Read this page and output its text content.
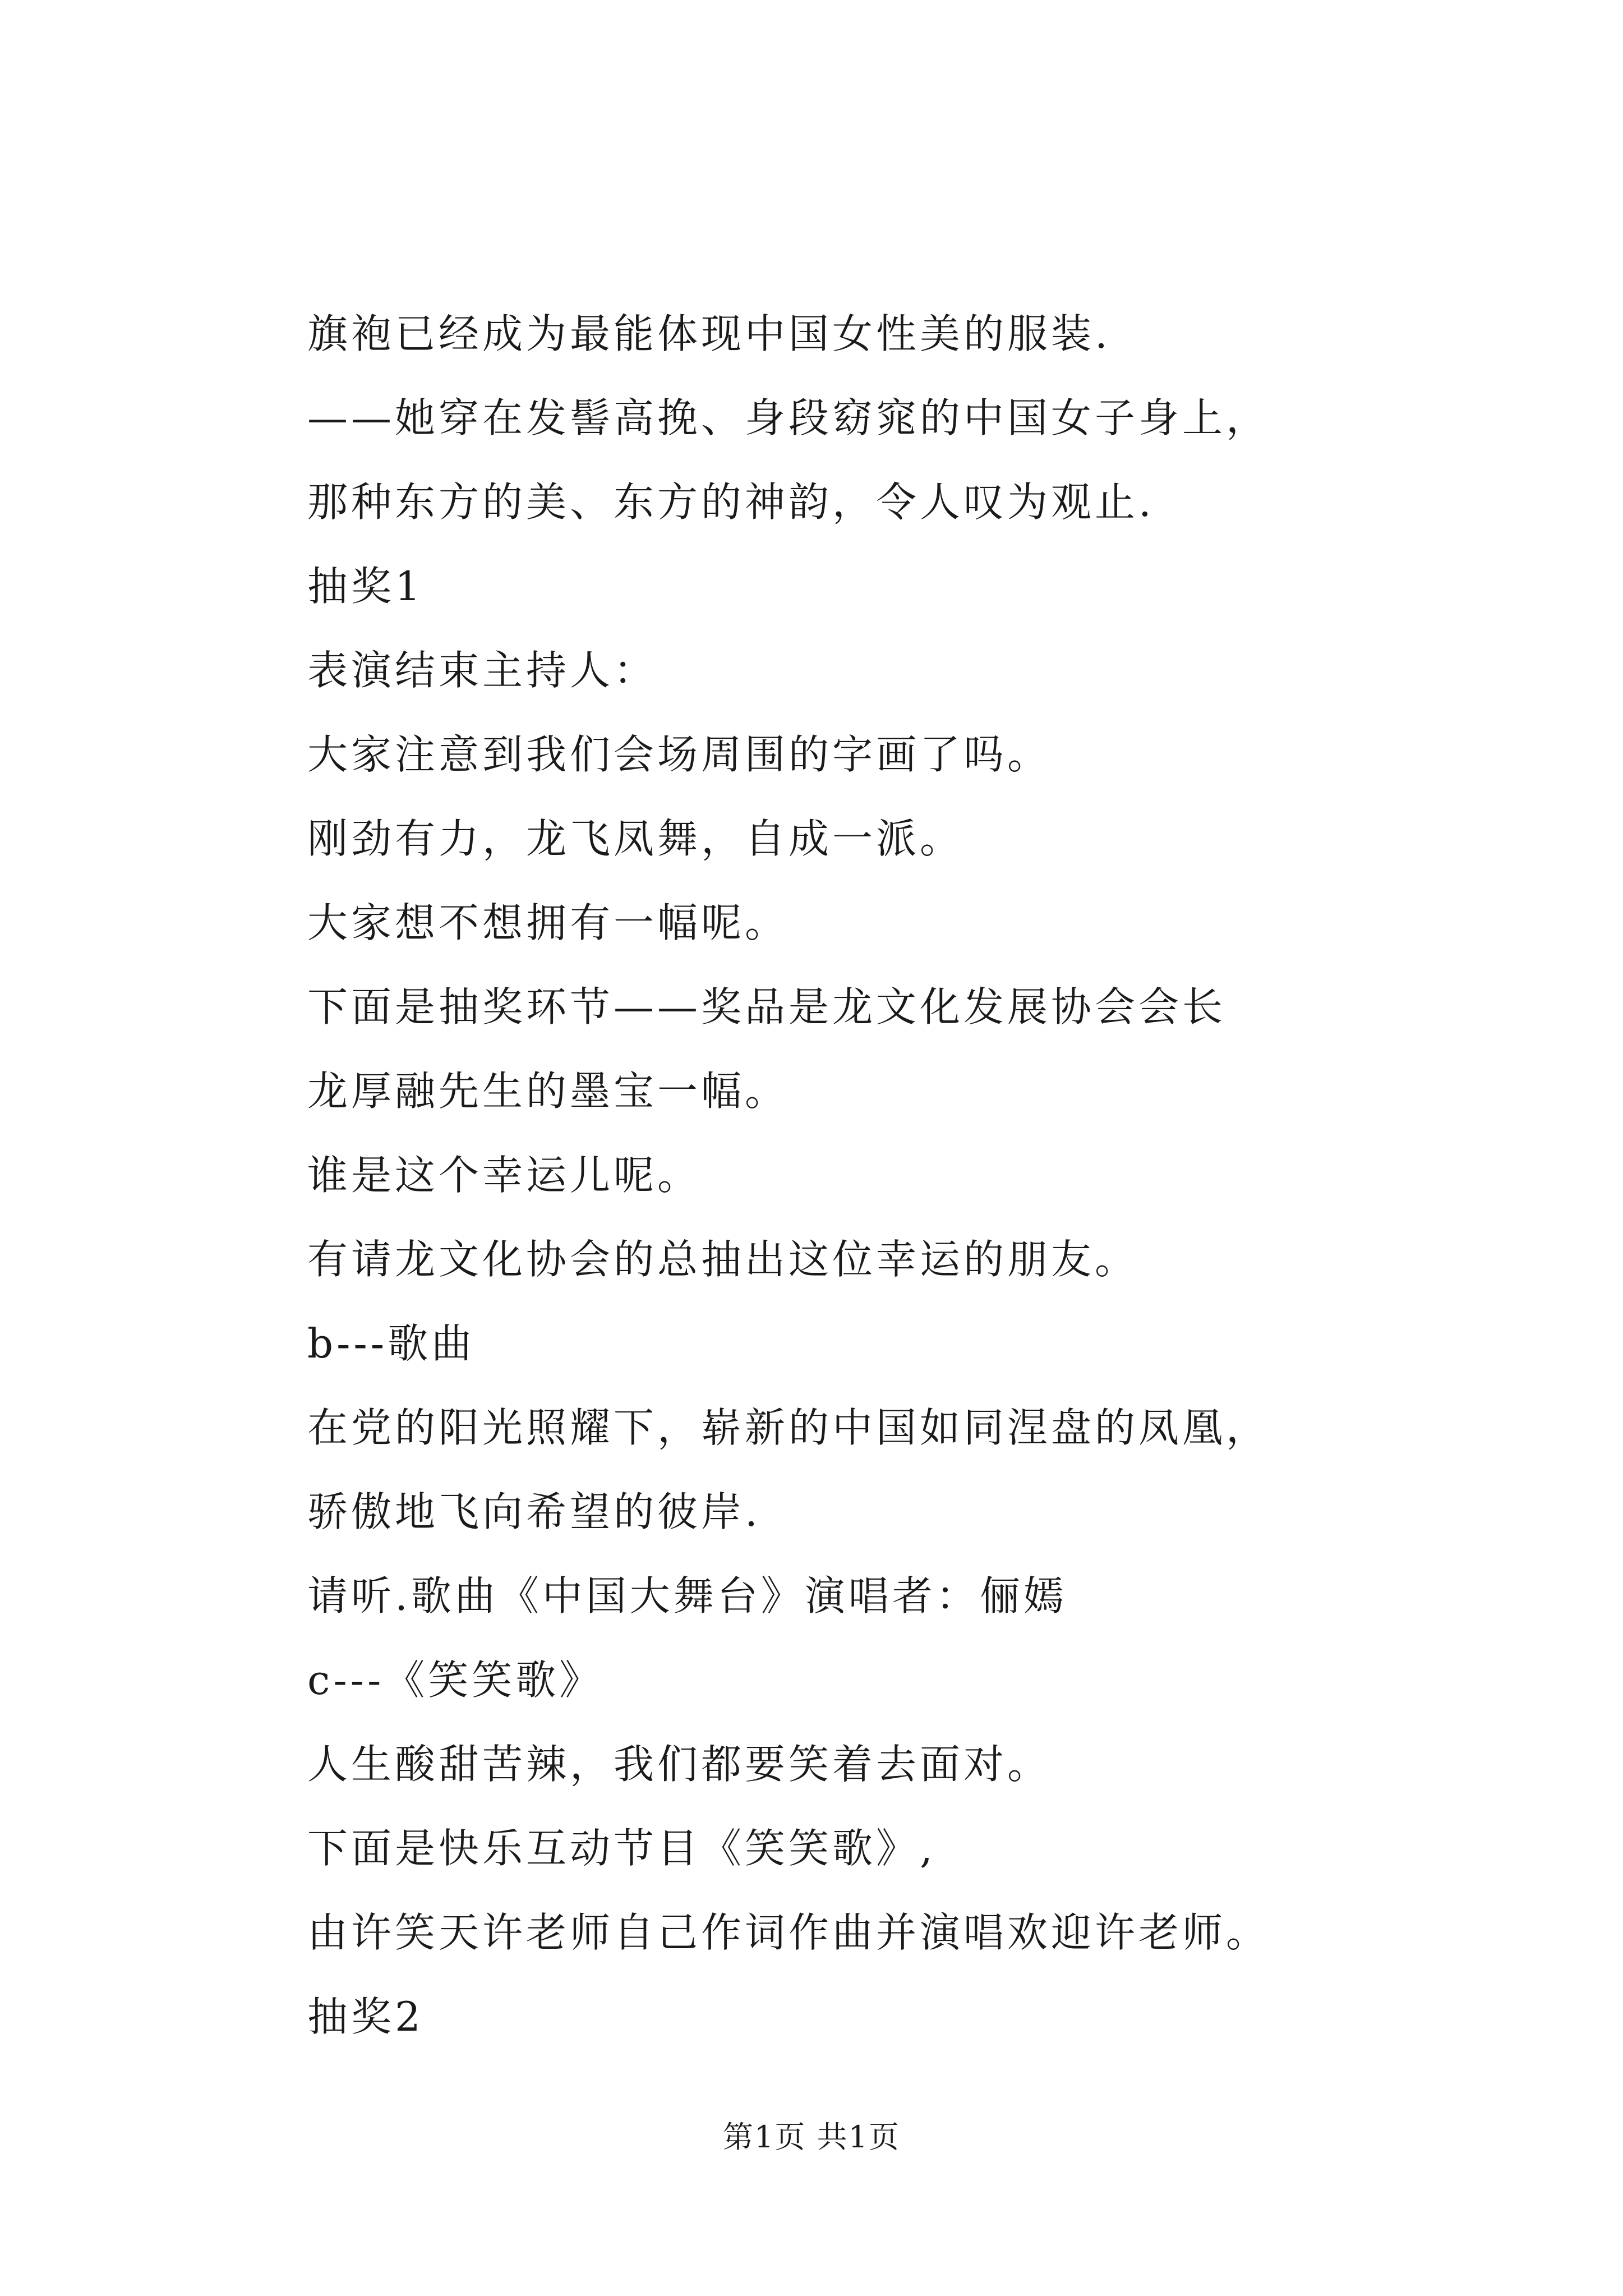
旗袍已经成为最能体现中国女性美的服装.
——她穿在发髻高挽、身段窈窕的中国女子身上，
那种东方的美、东方的神韵，令人叹为观止.
抽奖1
表演结束主持人：
大家注意到我们会场周围的字画了吗。
刚劲有力，龙飞凤舞，自成一派。
大家想不想拥有一幅呢。
下面是抽奖环节——奖品是龙文化发展协会会长
龙厚融先生的墨宝一幅。
谁是这个幸运儿呢。
有请龙文化协会的总抽出这位幸运的朋友。
b---歌曲
在党的阳光照耀下，崭新的中国如同涅盘的凤凰，
骄傲地飞向希望的彼岸.
请听.歌曲《中国大舞台》演唱者：俪嫣
c---《笑笑歌》
人生酸甜苦辣，我们都要笑着去面对。
下面是快乐互动节目《笑笑歌》,
由许笑天许老师自己作词作曲并演唱欢迎许老师。
抽奖2
第1页 共1页
